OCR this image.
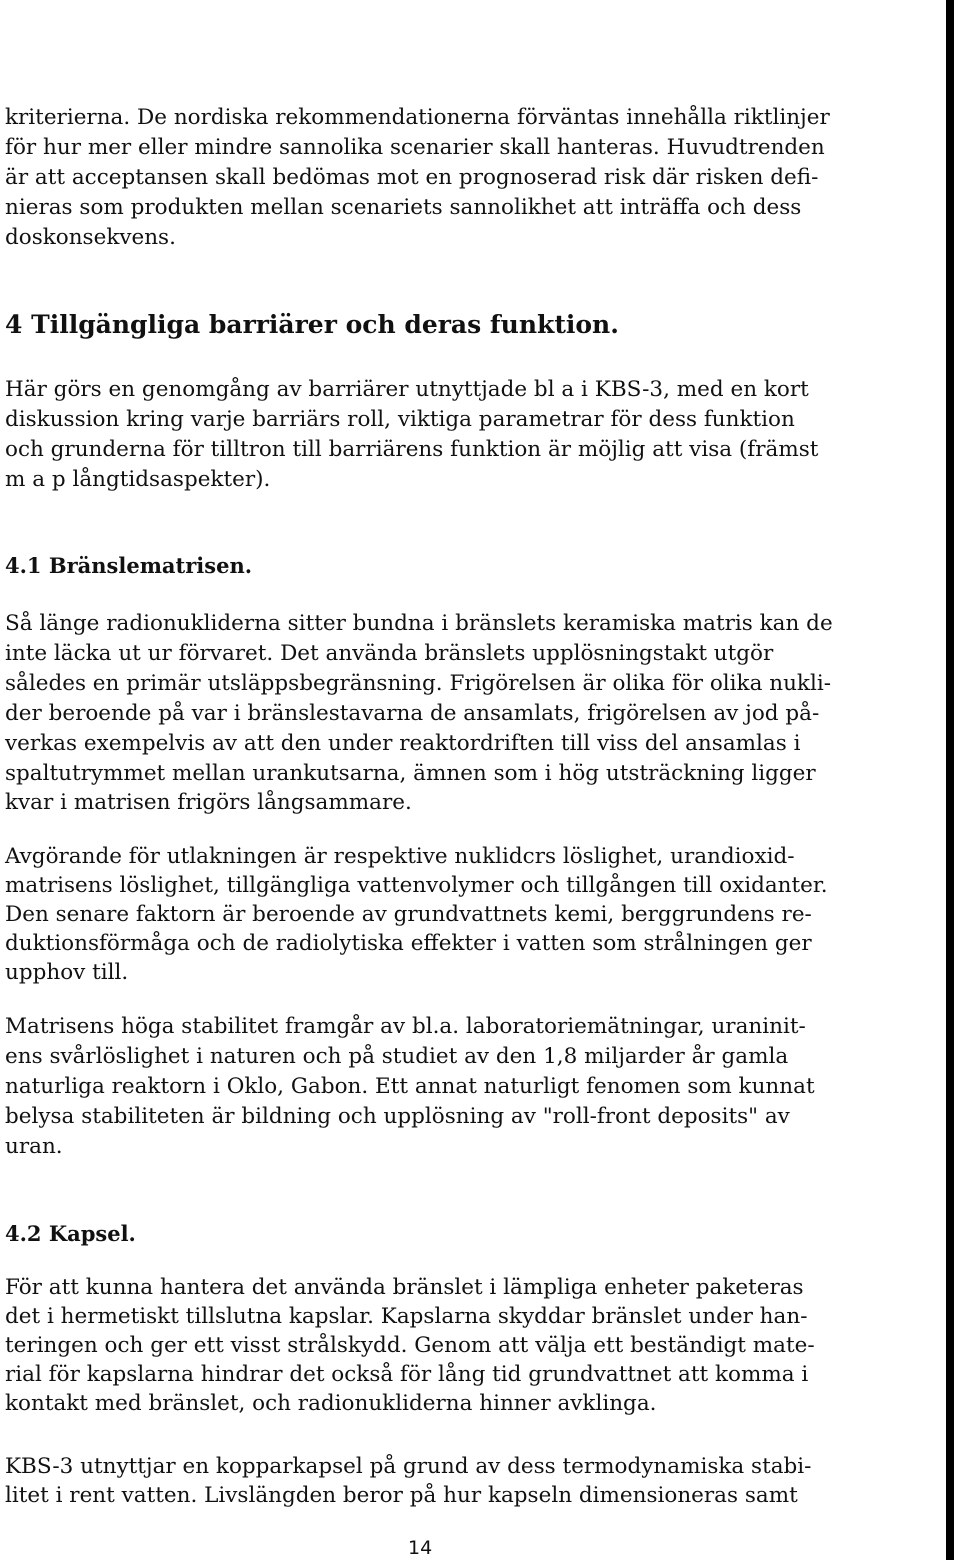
kriterierna. De nordiska rekommendationerna förväntas innehålla riktlinjer
för hur mer eller mindre sannolika scenarier skall hanteras. Huvudtrenden
är att acceptansen skall bedömas mot en prognoserad risk där risken defi-
nieras som produkten mellan scenariets sannolikhet att inträffa och dess
doskonsekvens.
4 Tillgängliga barriärer och deras funktion.
Här görs en genomgång av barriärer utnyttjade bl a i KBS-3, med en kort
diskussion kring varje barriärs roll, viktiga parametrar för dess funktion
och grunderna för tilltron till barriärens funktion är möjlig att visa (främst
m a p långtidsaspekter).
4.1 Bränslematrisen.
Så länge radionukliderna sitter bundna i bränslets keramiska matris kan de
inte läcka ut ur förvaret. Det använda bränslets upplösningstakt utgör
således en primär utsläppsbegränsning. Frigörelsen är olika för olika nukli-
der beroende på var i bränslestavarna de ansamlats, frigörelsen av jod på-
verkas exempelvis av att den under reaktordriften till viss del ansamlas i
spaltutrymmet mellan urankutsarna, ämnen som i hög utsträckning ligger
kvar i matrisen frigörs långsammare.
Avgörande för utlakningen är respektive nuklidcrs löslighet, urandioxid-
matrisens löslighet, tillgängliga vattenvolymer och tillgången till oxidanter.
Den senare faktorn är beroende av grundvattnets kemi, berggrundens re-
duktionsförmåga och de radiolytiska effekter i vatten som strålningen ger
upphov till.
Matrisens höga stabilitet framgår av bl.a. laboratoriemätningar, uraninit-
ens svårlöslighet i naturen och på studiet av den 1,8 miljarder år gamla
naturliga reaktorn i Oklo, Gabon. Ett annat naturligt fenomen som kunnat
belysa stabiliteten är bildning och upplösning av "roll-front deposits" av
uran.
4.2 Kapsel.
För att kunna hantera det använda bränslet i lämpliga enheter paketeras
det i hermetiskt tillslutna kapslar. Kapslarna skyddar bränslet under han-
teringen och ger ett visst strålskydd. Genom att välja ett beständigt mate-
rial för kapslarna hindrar det också för lång tid grundvattnet att komma i
kontakt med bränslet, och radionukliderna hinner avklinga.
KBS-3 utnyttjar en kopparkapsel på grund av dess termodynamiska stabi-
litet i rent vatten. Livslängden beror på hur kapseln dimensioneras samt
14
